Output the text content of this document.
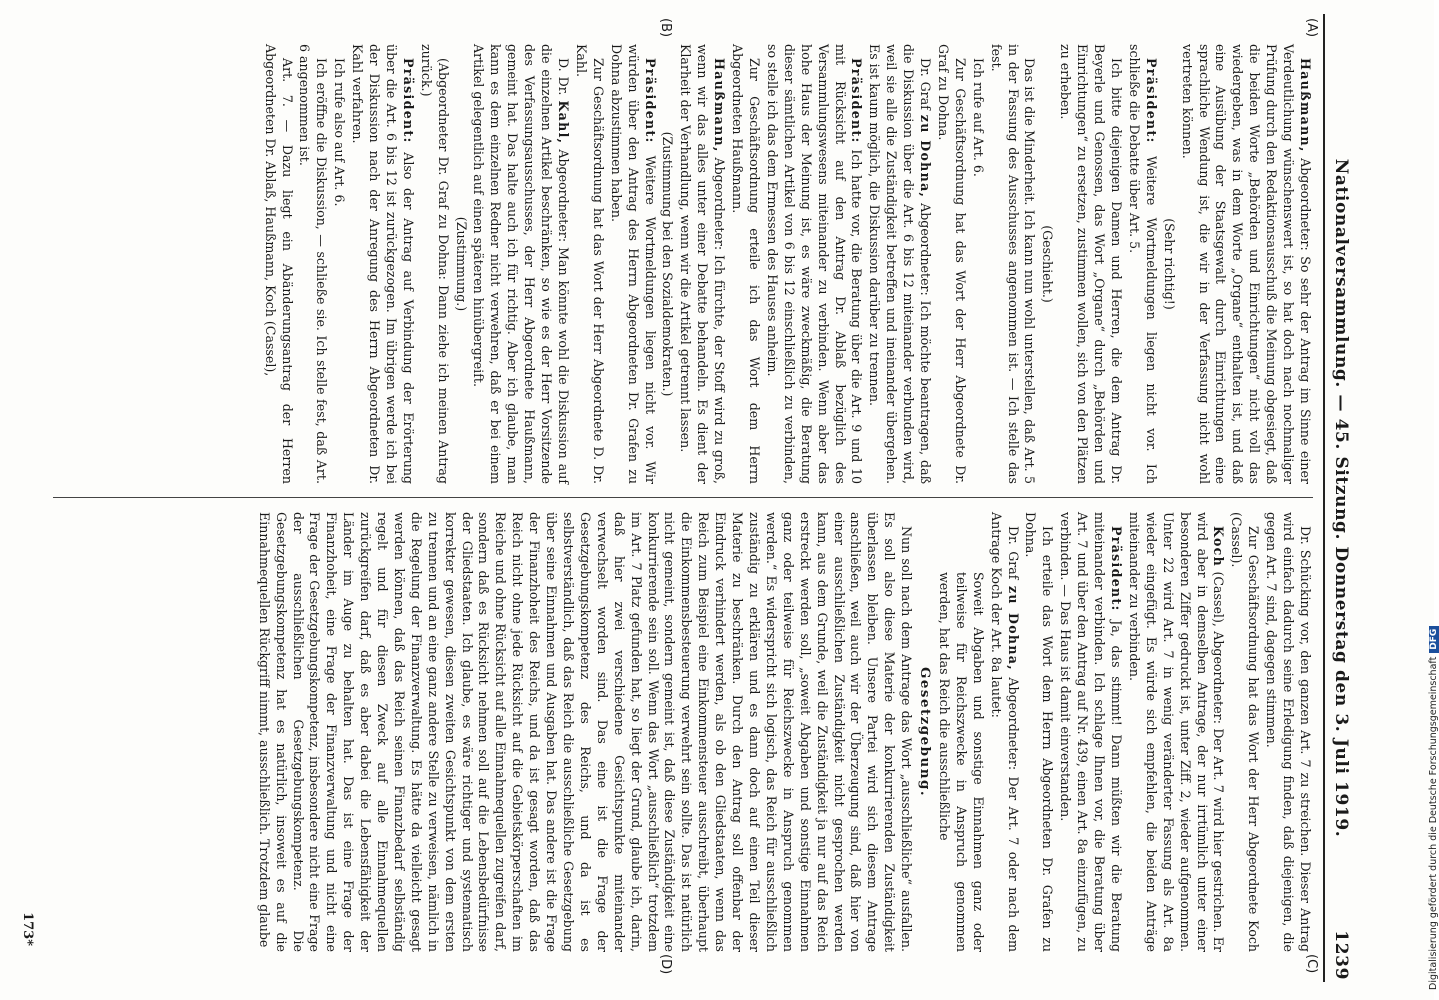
Nationalversammlung. — 45. Sitzung. Donnerstag den 3. Juli 1919.
1239
(A)
(B)
(C)
(D)

Haußmann, Abgeordneter: So sehr der Antrag im Sinne einer Verdeutlichung wünschenswert ist, so hat doch nach nochmaliger Prüfung durch den Redaktionsausschuß die Meinung obgesiegt, daß die beiden Worte „Behörden und Einrichtungen“ nicht voll das wiedergeben, was in dem Worte „Organe“ enthalten ist, und daß eine Ausübung der Staatsgewalt durch Einrichtungen eine sprachliche Wendung ist, die wir in der Verfassung nicht wohl vertreten können.

(Sehr richtig!)

Präsident: Weitere Wortmeldungen liegen nicht vor. Ich schließe die Debatte über Art. 5.

Ich bitte diejenigen Damen und Herren, die dem Antrag Dr. Beyerle und Genossen, das Wort „Organe“ durch „Behörden und Einrichtungen“ zu ersetzen, zustimmen wollen, sich von den Plätzen zu erheben.

(Geschieht.)

Das ist die Minderheit. Ich kann nun wohl unterstellen, daß Art. 5 in der Fassung des Ausschusses angenommen ist. — Ich stelle das fest.

Ich rufe auf Art. 6.

Zur Geschäftsordnung hat das Wort der Herr Abgeordnete Dr. Graf zu Dohna.

Dr. Graf zu Dohna, Abgeordneter: Ich möchte beantragen, daß die Diskussion über die Art. 6 bis 12 miteinander verbunden wird, weil sie alle die Zuständigkeit betreffen und ineinander übergehen. Es ist kaum möglich, die Diskussion darüber zu trennen.

Präsident: Ich hatte vor, die Beratung über die Art. 9 und 10 mit Rücksicht auf den Antrag Dr. Ablaß bezüglich des Versammlungswesens miteinander zu verbinden. Wenn aber das hohe Haus der Meinung ist, es wäre zweckmäßig, die Beratung dieser sämtlichen Artikel von 6 bis 12 einschließlich zu verbinden, so stelle ich das dem Ermessen des Hauses anheim.

Zur Geschäftsordnung erteile ich das Wort dem Herrn Abgeordneten Haußmann.

Haußmann, Abgeordneter: Ich fürchte, der Stoff wird zu groß, wenn wir das alles unter einer Debatte behandeln. Es dient der Klarheit der Verhandlung, wenn wir die Artikel getrennt lassen.

(Zustimmung bei den Sozialdemokraten.)

Präsident: Weitere Wortmeldungen liegen nicht vor. Wir würden über den Antrag des Herrn Abgeordneten Dr. Grafen zu Dohna abzustimmen haben.

Zur Geschäftsordnung hat das Wort der Herr Abgeordnete D. Dr. Kahl.

D. Dr. Kahl, Abgeordneter: Man könnte wohl die Diskussion auf die einzelnen Artikel beschränken, so wie es der Herr Vorsitzende des Verfassungsausschusses, der Herr Abgeordnete Haußmann, gemeint hat. Das halte auch ich für richtig. Aber ich glaube, man kann es dem einzelnen Redner nicht verwehren, daß er bei einem Artikel gelegentlich auf einen späteren hinübergreift.

(Zustimmung.)

(Abgeordneter Dr. Graf zu Dohna: Dann ziehe ich meinen Antrag zurück.)

Präsident: Also der Antrag auf Verbindung der Erörterung über die Art. 6 bis 12 ist zurückgezogen. Im übrigen werde ich bei der Diskussion nach der Anregung des Herrn Abgeordneten Dr. Kahl verfahren.

Ich rufe also auf Art. 6.

Ich eröffne die Diskussion, — schließe sie. Ich stelle fest, daß Art. 6 angenommen ist.

Art. 7. — Dazu liegt ein Abänderungsantrag der Herren Abgeordneten Dr. Ablaß, Haußmann, Koch (Cassel),

Dr. Schücking vor, den ganzen Art. 7 zu streichen. Dieser Antrag wird einfach dadurch seine Erledigung finden, daß diejenigen, die gegen Art. 7 sind, dagegen stimmen.

Zur Geschäftsordnung hat das Wort der Herr Abgeordnete Koch (Cassel).

Koch (Cassel), Abgeordneter: Der Art. 7 wird hier gestrichen. Er wird aber in demselben Antrage, der nur irrtümlich unter einer besonderen Ziffer gedruckt ist, unter Ziff. 2, wieder aufgenommen. Unter 22 wird Art. 7 in wenig veränderter Fassung als Art. 8a wieder eingefügt. Es würde sich empfehlen, die beiden Anträge miteinander zu verbinden.

Präsident: Ja, das stimmt! Dann müßten wir die Beratung miteinander verbinden. Ich schlage Ihnen vor, die Beratung über Art. 7 und über den Antrag auf Nr. 439, einen Art. 8a einzufügen, zu verbinden. — Das Haus ist damit einverstanden.

Ich erteile das Wort dem Herrn Abgeordneten Dr. Grafen zu Dohna.

Dr. Graf zu Dohna, Abgeordneter: Der Art. 7 oder nach dem Antrage Koch der Art. 8a lautet:

Soweit Abgaben und sonstige Einnahmen ganz oder teilweise für Reichszwecke in Anspruch genommen werden, hat das Reich die ausschließliche

Gesetzgebung.

Nun soll nach dem Antrage das Wort „ausschließliche“ ausfallen. Es soll also diese Materie der konkurrierenden Zuständigkeit überlassen bleiben. Unsere Partei wird sich diesem Antrage anschließen, weil auch wir der Überzeugung sind, daß hier von einer ausschließlichen Zuständigkeit nicht gesprochen werden kann, aus dem Grunde, weil die Zuständigkeit ja nur auf das Reich erstreckt werden soll, „soweit Abgaben und sonstige Einnahmen ganz oder teilweise für Reichszwecke in Anspruch genommen werden.“ Es widerspricht sich logisch, das Reich für ausschließlich zuständig zu erklären und es dann doch auf einen Teil dieser Materie zu beschränken. Durch den Antrag soll offenbar der Eindruck verhindert werden, als ob den Gliedstaaten, wenn das Reich zum Beispiel eine Einkommensteuer ausschreibt, überhaupt die Einkommensbesteuerung verwehrt sein sollte. Das ist natürlich nicht gemeint, sondern gemeint ist, daß diese Zuständigkeit eine konkurrierende sein soll. Wenn das Wort „ausschließlich“ trotzdem im Art. 7 Platz gefunden hat, so liegt der Grund, glaube ich, darin, daß hier zwei verschiedene Gesichtspunkte miteinander verwechselt worden sind. Das eine ist die Frage der Gesetzgebungskompetenz des Reichs, und da ist es selbstverständlich, daß das Reich die ausschließliche Gesetzgebung über seine Einnahmen und Ausgaben hat. Das andere ist die Frage der Finanzhoheit des Reichs, und da ist gesagt worden, daß das Reich nicht ohne jede Rücksicht auf die Gebietskörperschaften im Reiche und ohne Rücksicht auf alle Einnahmequellen zugreifen darf, sondern daß es Rücksicht nehmen soll auf die Lebensbedürfnisse der Gliedstaaten. Ich glaube, es wäre richtiger und systematisch korrekter gewesen, diesen zweiten Gesichtspunkt von dem ersten zu trennen und an eine ganz andere Stelle zu verweisen, nämlich in die Regelung der Finanzverwaltung. Es hätte da vielleicht gesagt werden können, daß das Reich seinen Finanzbedarf selbständig regelt und für diesen Zweck auf alle Einnahmequellen zurückgreifen darf, daß es aber dabei die Lebensfähigkeit der Länder im Auge zu behalten hat. Das ist eine Frage der Finanzhoheit, eine Frage der Finanzverwaltung und nicht eine Frage der Gesetzgebungskompetenz, insbesondere nicht eine Frage der ausschließlichen Gesetzgebungskompetenz. Die Gesetzgebungskompetenz hat es natürlich, insoweit es auf die Einnahmequellen Rückgriff nimmt, ausschließlich. Trotzdem glaube

173*	Digitalisierung gefördert durch die Deutsche ForschungsgemeinschaftDFG
